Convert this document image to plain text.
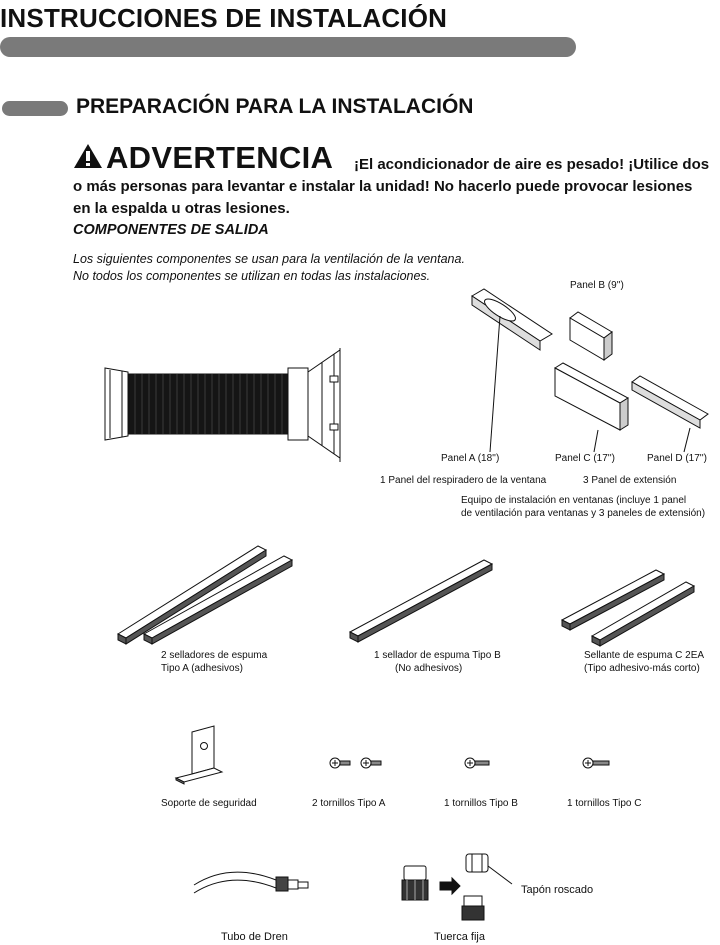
INSTRUCCIONES DE INSTALACIÓN
PREPARACIÓN PARA LA INSTALACIÓN
ADVERTENCIA	¡El acondicionador de aire es pesado! ¡Utilice dos o más personas para levantar e instalar la unidad! No hacerlo puede provocar lesiones en la espalda u otras lesiones.
COMPONENTES DE SALIDA
Los siguientes componentes se usan para la ventilación de la ventana.
No todos los componentes se utilizan en todas las instalaciones.
Panel B (9'')
Panel A (18'')	Panel C (17'')	Panel D (17'')
1 Panel del respiradero de la ventana	3 Panel de extensión
Equipo de instalación en ventanas (incluye 1 panel
de ventilación para ventanas y 3 paneles de extensión)
2 selladores de espuma
Tipo A (adhesivos)
1 sellador de espuma Tipo B
(No adhesivos)
Sellante de espuma C 2EA
(Tipo adhesivo-más corto)
Soporte de seguridad	2 tornillos Tipo A	1 tornillos Tipo B	1 tornillos Tipo C
Tapón roscado
Tubo de Dren	Tuerca fija
